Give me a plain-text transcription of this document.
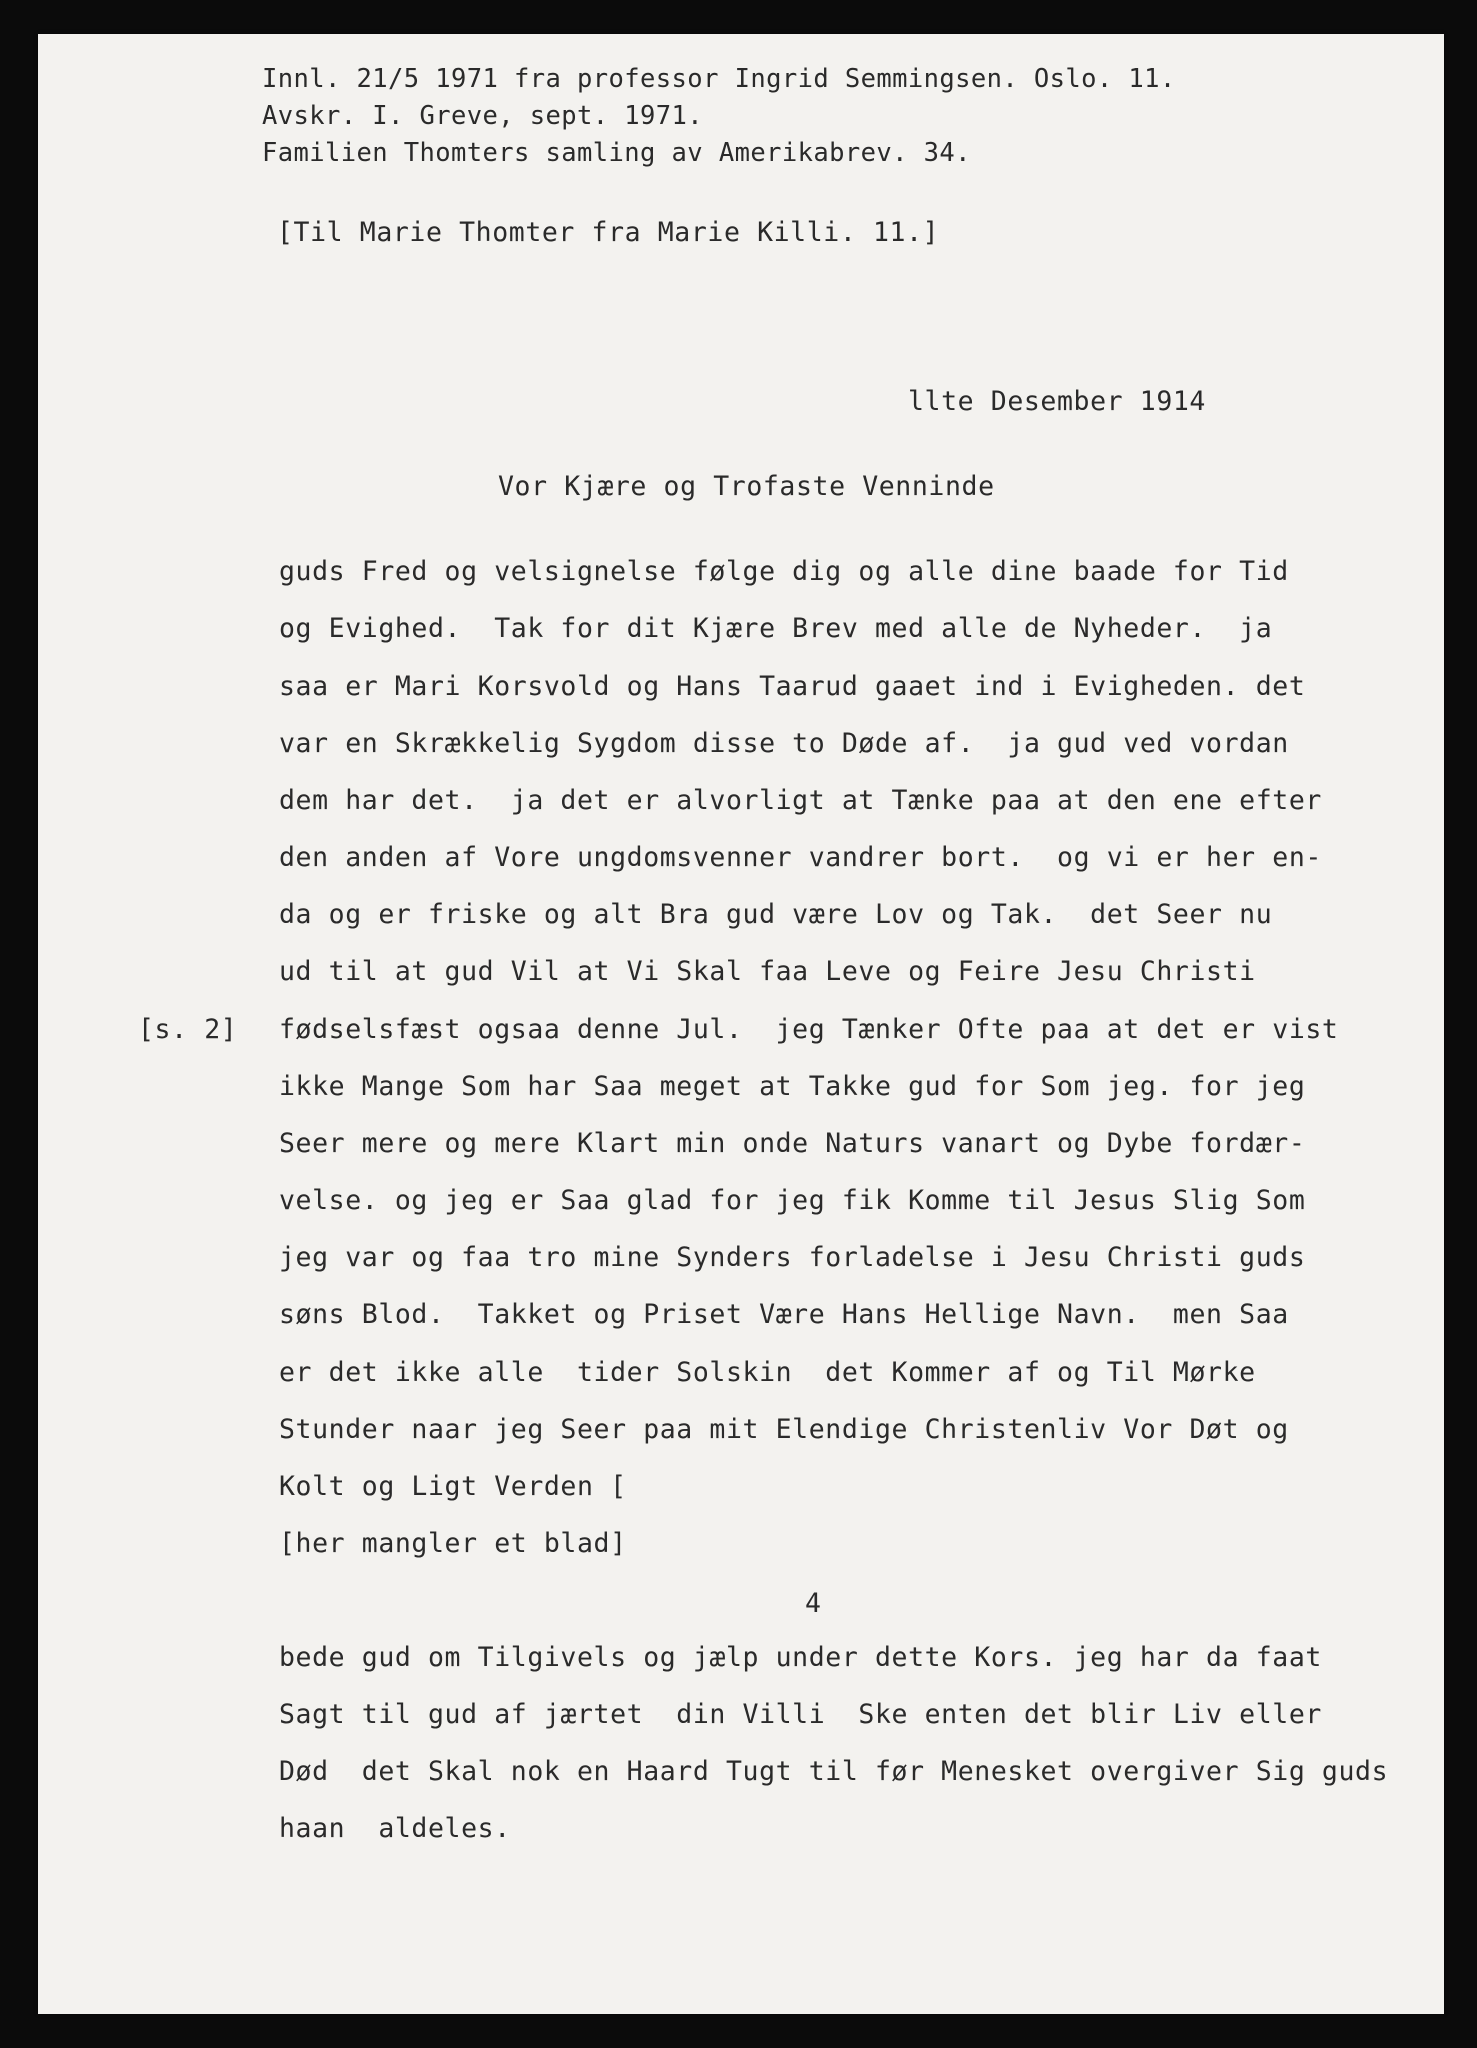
Innl. 21/5 1971 fra professor Ingrid Semmingsen. Oslo. 11.
Avskr. I. Greve, sept. 1971.
Familien Thomters samling av Amerikabrev. 34.
[Til Marie Thomter fra Marie Killi. 11.]
llte Desember 1914
Vor Kjære og Trofaste Venninde
[s. 2]
guds Fred og velsignelse følge dig og alle dine baade for Tid
og Evighed.  Tak for dit Kjære Brev med alle de Nyheder.  ja
saa er Mari Korsvold og Hans Taarud gaaet ind i Evigheden. det
var en Skrækkelig Sygdom disse to Døde af.  ja gud ved vordan
dem har det.  ja det er alvorligt at Tænke paa at den ene efter
den anden af Vore ungdomsvenner vandrer bort.  og vi er her en-
da og er friske og alt Bra gud være Lov og Tak.  det Seer nu
ud til at gud Vil at Vi Skal faa Leve og Feire Jesu Christi
fødselsfæst ogsaa denne Jul.  jeg Tænker Ofte paa at det er vist
ikke Mange Som har Saa meget at Takke gud for Som jeg. for jeg
Seer mere og mere Klart min onde Naturs vanart og Dybe fordær-
velse. og jeg er Saa glad for jeg fik Komme til Jesus Slig Som
jeg var og faa tro mine Synders forladelse i Jesu Christi guds
søns Blod.  Takket og Priset Være Hans Hellige Navn.  men Saa
er det ikke alle  tider Solskin  det Kommer af og Til Mørke
Stunder naar jeg Seer paa mit Elendige Christenliv Vor Døt og
Kolt og Ligt Verden [
[her mangler et blad]
4
bede gud om Tilgivels og jælp under dette Kors. jeg har da faat
Sagt til gud af jærtet  din Villi  Ske enten det blir Liv eller
Død  det Skal nok en Haard Tugt til før Menesket overgiver Sig guds
haan  aldeles.
